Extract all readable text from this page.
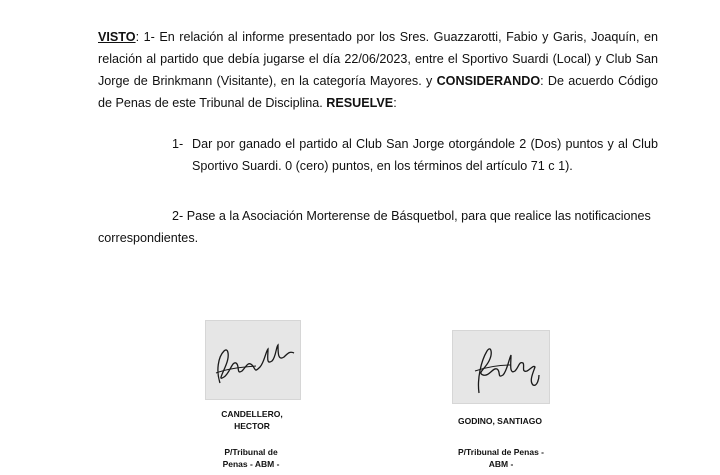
VISTO: 1- En relación al informe presentado por los Sres. Guazzarotti, Fabio y Garis, Joaquín, en relación al partido que debía jugarse el día 22/06/2023, entre el Sportivo Suardi (Local) y Club San Jorge de Brinkmann (Visitante), en la categoría Mayores. y CONSIDERANDO: De acuerdo Código de Penas de este Tribunal de Disciplina. RESUELVE:
1- Dar por ganado el partido al Club San Jorge otorgándole 2 (Dos) puntos y al Club Sportivo Suardi. 0 (cero) puntos, en los términos del artículo 71 c 1).
2- Pase a la Asociación Morterense de Básquetbol, para que realice las notificaciones correspondientes.
CANDELLERO,
HECTOR
P/Tribunal de
Penas - ABM -
GODINO, SANTIAGO
P/Tribunal de Penas -
ABM -
